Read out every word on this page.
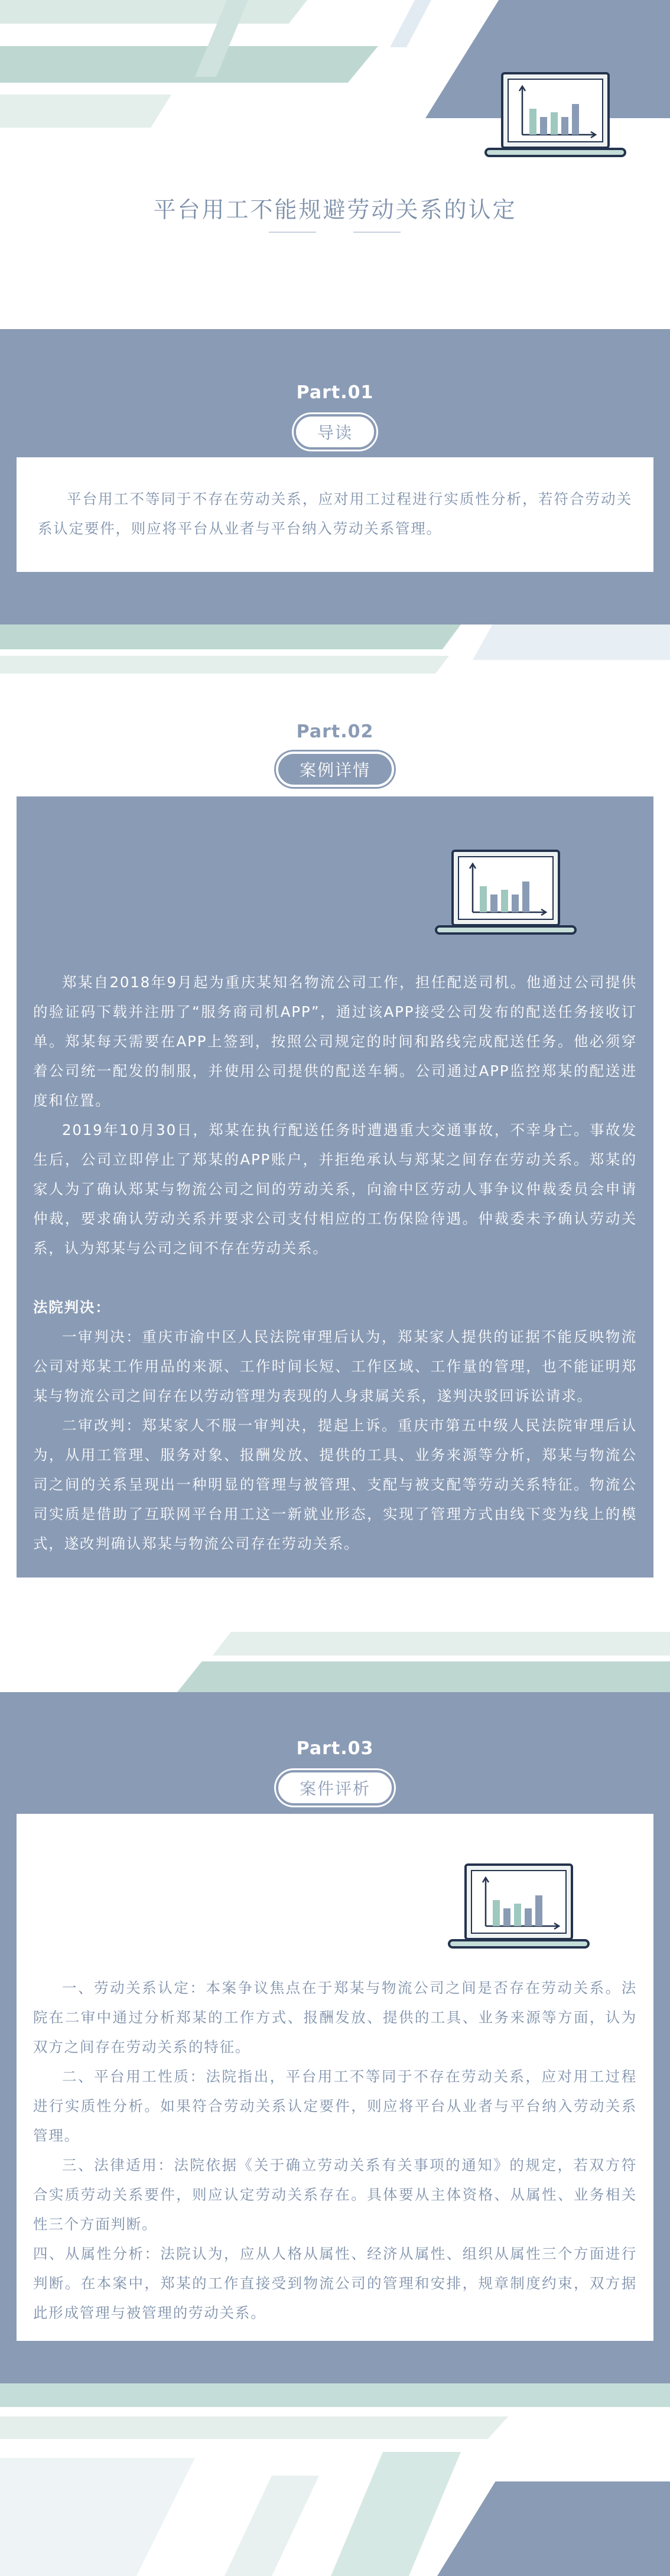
平台用工不能规避劳动关系的认定
Part.01
导读

平台用工不等同于不存在劳动关系，应对用工过程进行实质性分析，若符合劳动关系认定要件，则应将平台从业者与平台纳入劳动关系管理。

Part.02
案例详情

郑某自2018年9月起为重庆某知名物流公司工作，担任配送司机。他通过公司提供的验证码下载并注册了“服务商司机APP”，通过该APP接受公司发布的配送任务接收订单。郑某每天需要在APP上签到，按照公司规定的时间和路线完成配送任务。他必须穿着公司统一配发的制服，并使用公司提供的配送车辆。公司通过APP监控郑某的配送进度和位置。

2019年10月30日，郑某在执行配送任务时遭遇重大交通事故，不幸身亡。事故发生后，公司立即停止了郑某的APP账户，并拒绝承认与郑某之间存在劳动关系。郑某的家人为了确认郑某与物流公司之间的劳动关系，向渝中区劳动人事争议仲裁委员会申请仲裁，要求确认劳动关系并要求公司支付相应的工伤保险待遇。仲裁委未予确认劳动关系，认为郑某与公司之间不存在劳动关系。

法院判决：

一审判决：重庆市渝中区人民法院审理后认为，郑某家人提供的证据不能反映物流公司对郑某工作用品的来源、工作时间长短、工作区域、工作量的管理，也不能证明郑某与物流公司之间存在以劳动管理为表现的人身隶属关系，遂判决驳回诉讼请求。

二审改判：郑某家人不服一审判决，提起上诉。重庆市第五中级人民法院审理后认为，从用工管理、服务对象、报酬发放、提供的工具、业务来源等分析，郑某与物流公司之间的关系呈现出一种明显的管理与被管理、支配与被支配等劳动关系特征。物流公司实质是借助了互联网平台用工这一新就业形态，实现了管理方式由线下变为线上的模式，遂改判确认郑某与物流公司存在劳动关系。

Part.03
案件评析

一、劳动关系认定：本案争议焦点在于郑某与物流公司之间是否存在劳动关系。法院在二审中通过分析郑某的工作方式、报酬发放、提供的工具、业务来源等方面，认为双方之间存在劳动关系的特征。

二、平台用工性质：法院指出，平台用工不等同于不存在劳动关系，应对用工过程进行实质性分析。如果符合劳动关系认定要件，则应将平台从业者与平台纳入劳动关系管理。

三、法律适用：法院依据《关于确立劳动关系有关事项的通知》的规定，若双方符合实质劳动关系要件，则应认定劳动关系存在。具体要从主体资格、从属性、业务相关性三个方面判断。

四、从属性分析：法院认为，应从人格从属性、经济从属性、组织从属性三个方面进行判断。在本案中，郑某的工作直接受到物流公司的管理和安排，规章制度约束，双方据此形成管理与被管理的劳动关系。
